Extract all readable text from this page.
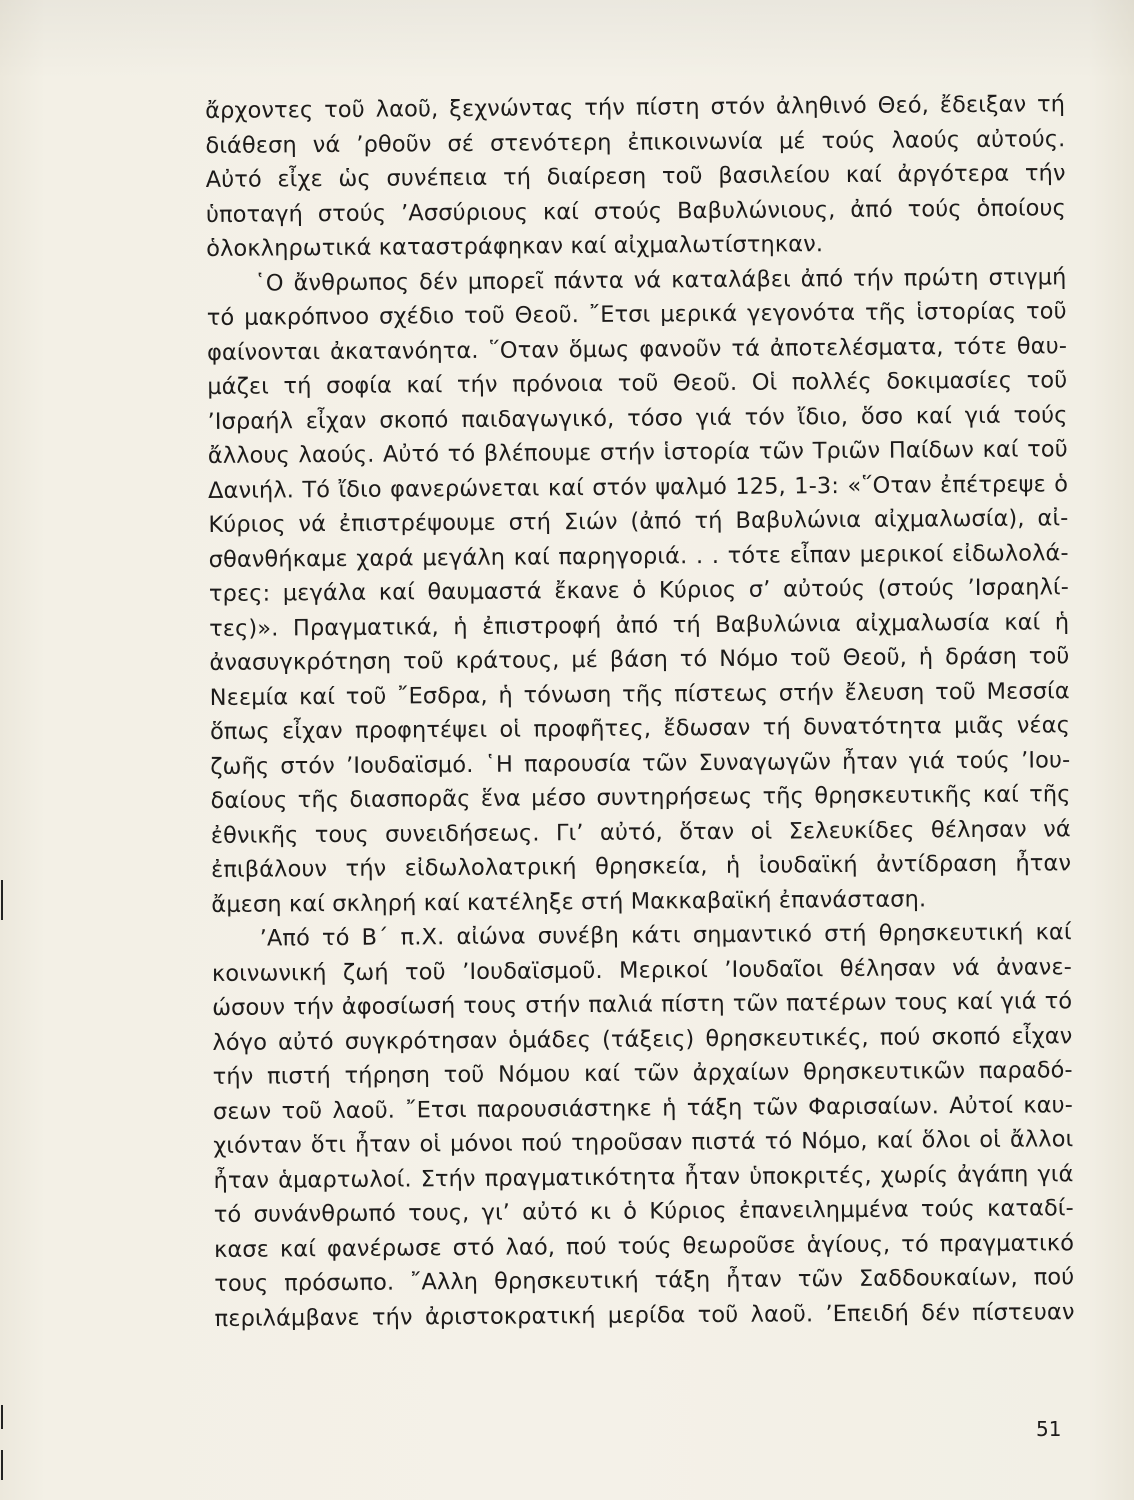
ἄρχοντες τοῦ λαοῦ, ξεχνώντας τήν πίστη στόν ἀληθινό Θεό, ἔδειξαν τή
διάθεση νά ’ρθοῦν σέ στενότερη ἐπικοινωνία μέ τούς λαούς αὐτούς.
Αὐτό εἶχε ὡς συνέπεια τή διαίρεση τοῦ βασιλείου καί ἀργότερα τήν
ὑποταγή στούς ’Ασσύριους καί στούς Βαβυλώνιους, ἀπό τούς ὁποίους
ὁλοκληρωτικά καταστράφηκαν καί αἰχμαλωτίστηκαν.
῾Ο ἄνθρωπος δέν μπορεῖ πάντα νά καταλάβει ἀπό τήν πρώτη στιγμή
τό μακρόπνοο σχέδιο τοῦ Θεοῦ. ῎Ετσι μερικά γεγονότα τῆς ἱστορίας τοῦ
φαίνονται ἀκατανόητα. ῞Οταν ὅμως φανοῦν τά ἀποτελέσματα, τότε θαυ-
μάζει τή σοφία καί τήν πρόνοια τοῦ Θεοῦ. Οἱ πολλές δοκιμασίες τοῦ
’Ισραήλ εἶχαν σκοπό παιδαγωγικό, τόσο γιά τόν ἴδιο, ὅσο καί γιά τούς
ἄλλους λαούς. Αὐτό τό βλέπουμε στήν ἱστορία τῶν Τριῶν Παίδων καί τοῦ
Δανιήλ. Τό ἴδιο φανερώνεται καί στόν ψαλμό 125, 1-3: «῞Οταν ἐπέτρεψε ὁ
Κύριος νά ἐπιστρέψουμε στή Σιών (ἀπό τή Βαβυλώνια αἰχμαλωσία), αἰ-
σθανθήκαμε χαρά μεγάλη καί παρηγοριά. . . τότε εἶπαν μερικοί εἰδωλολά-
τρες: μεγάλα καί θαυμαστά ἔκανε ὁ Κύριος σ’ αὐτούς (στούς ’Ισραηλί-
τες)». Πραγματικά, ἡ ἐπιστροφή ἀπό τή Βαβυλώνια αἰχμαλωσία καί ἡ
ἀνασυγκρότηση τοῦ κράτους, μέ βάση τό Νόμο τοῦ Θεοῦ, ἡ δράση τοῦ
Νεεμία καί τοῦ ῎Εσδρα, ἡ τόνωση τῆς πίστεως στήν ἔλευση τοῦ Μεσσία
ὅπως εἶχαν προφητέψει οἱ προφῆτες, ἔδωσαν τή δυνατότητα μιᾶς νέας
ζωῆς στόν ’Ιουδαϊσμό. ῾Η παρουσία τῶν Συναγωγῶν ἦταν γιά τούς ’Ιου-
δαίους τῆς διασπορᾶς ἕνα μέσο συντηρήσεως τῆς θρησκευτικῆς καί τῆς
ἐθνικῆς τους συνειδήσεως. Γι’ αὐτό, ὅταν οἱ Σελευκίδες θέλησαν νά
ἐπιβάλουν τήν εἰδωλολατρική θρησκεία, ἡ ἰουδαϊκή ἀντίδραση ἦταν
ἄμεση καί σκληρή καί κατέληξε στή Μακκαβαϊκή ἐπανάσταση.
’Από τό Β΄ π.Χ. αἰώνα συνέβη κάτι σημαντικό στή θρησκευτική καί
κοινωνική ζωή τοῦ ’Ιουδαϊσμοῦ. Μερικοί ’Ιουδαῖοι θέλησαν νά ἀνανε-
ώσουν τήν ἀφοσίωσή τους στήν παλιά πίστη τῶν πατέρων τους καί γιά τό
λόγο αὐτό συγκρότησαν ὁμάδες (τάξεις) θρησκευτικές, πού σκοπό εἶχαν
τήν πιστή τήρηση τοῦ Νόμου καί τῶν ἀρχαίων θρησκευτικῶν παραδό-
σεων τοῦ λαοῦ. ῎Ετσι παρουσιάστηκε ἡ τάξη τῶν Φαρισαίων. Αὐτοί καυ-
χιόνταν ὅτι ἦταν οἱ μόνοι πού τηροῦσαν πιστά τό Νόμο, καί ὅλοι οἱ ἄλλοι
ἦταν ἁμαρτωλοί. Στήν πραγματικότητα ἦταν ὑποκριτές, χωρίς ἀγάπη γιά
τό συνάνθρωπό τους, γι’ αὐτό κι ὁ Κύριος ἐπανειλημμένα τούς καταδί-
κασε καί φανέρωσε στό λαό, πού τούς θεωροῦσε ἁγίους, τό πραγματικό
τους πρόσωπο. ῎Αλλη θρησκευτική τάξη ἦταν τῶν Σαδδουκαίων, πού
περιλάμβανε τήν ἀριστοκρατική μερίδα τοῦ λαοῦ. ’Επειδή δέν πίστευαν
51
